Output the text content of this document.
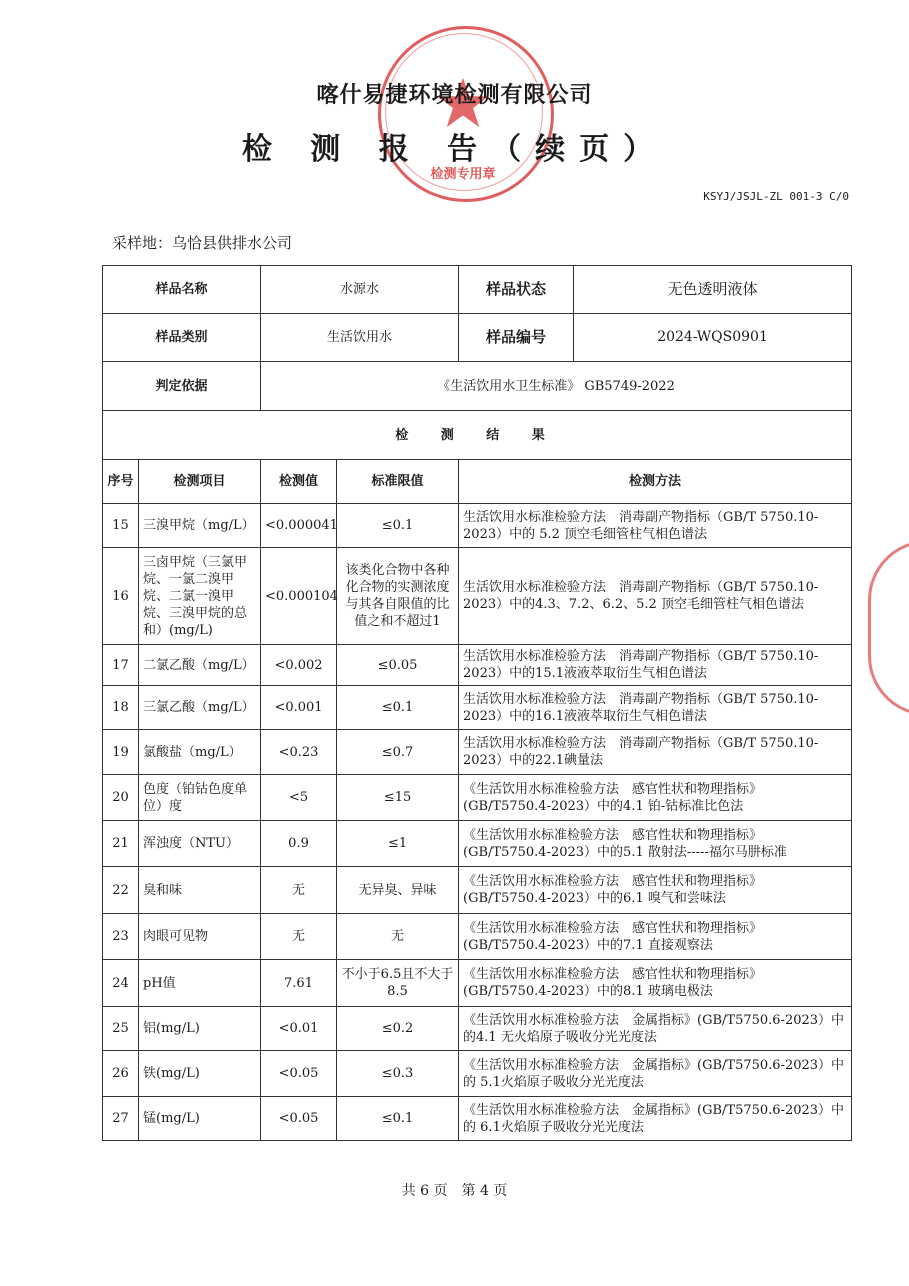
检测专用章
喀什易捷环境检测有限公司
检 测 报 告（续页）
KSYJ/JSJL-ZL 001-3 C/0
采样地：乌恰县供排水公司
样品名称		水源水		样品状态 无色透明液体

样品类别		生活饮用水		样品编号 2024-WQS0901

判定依据		《生活饮用水卫生标准》 GB5749-2022		
检 测 结 果				
序号	检测项目	检测值	标准限值	检测方法
15	三溴甲烷（mg/L）	<0.000041	≤0.1	生活饮用水标准检验方法　消毒副产物指标（GB/T 5750.10-2023）中的 5.2 顶空毛细管柱气相色谱法
16	三卤甲烷（三氯甲烷、一氯二溴甲烷、二氯一溴甲烷、三溴甲烷的总和）(mg/L)	<0.000104	该类化合物中各种化合物的实测浓度与其各自限值的比值之和不超过1	生活饮用水标准检验方法　消毒副产物指标（GB/T 5750.10-2023）中的4.3、7.2、6.2、5.2 顶空毛细管柱气相色谱法
17	二氯乙酸（mg/L）	<0.002	≤0.05	生活饮用水标准检验方法　消毒副产物指标（GB/T 5750.10-2023）中的15.1液液萃取衍生气相色谱法
18	三氯乙酸（mg/L）	<0.001	≤0.1	生活饮用水标准检验方法　消毒副产物指标（GB/T 5750.10-2023）中的16.1液液萃取衍生气相色谱法
19	氯酸盐（mg/L）	<0.23	≤0.7	生活饮用水标准检验方法　消毒副产物指标（GB/T 5750.10-2023）中的22.1碘量法
20	色度（铂钴色度单位）度	<5	≤15	《生活饮用水标准检验方法　感官性状和物理指标》(GB/T5750.4-2023）中的4.1 铂-钴标准比色法
21	浑浊度（NTU）	0.9	≤1	《生活饮用水标准检验方法　感官性状和物理指标》(GB/T5750.4-2023）中的5.1 散射法-----福尔马肼标准
22	臭和味	无	无异臭、异味	《生活饮用水标准检验方法　感官性状和物理指标》(GB/T5750.4-2023）中的6.1 嗅气和尝味法
23	肉眼可见物	无	无	《生活饮用水标准检验方法　感官性状和物理指标》(GB/T5750.4-2023）中的7.1 直接观察法
24	pH值	7.61	不小于6.5且不大于8.5	《生活饮用水标准检验方法　感官性状和物理指标》(GB/T5750.4-2023）中的8.1 玻璃电极法
25	铝(mg/L)	<0.01	≤0.2	《生活饮用水标准检验方法　金属指标》(GB/T5750.6-2023）中的4.1 无火焰原子吸收分光光度法
26	铁(mg/L)	<0.05	≤0.3	《生活饮用水标准检验方法　金属指标》(GB/T5750.6-2023）中 的 5.1火焰原子吸收分光光度法
27	锰(mg/L)	<0.05	≤0.1	《生活饮用水标准检验方法　金属指标》(GB/T5750.6-2023）中 的 6.1火焰原子吸收分光光度法
共 6 页　第 4 页
